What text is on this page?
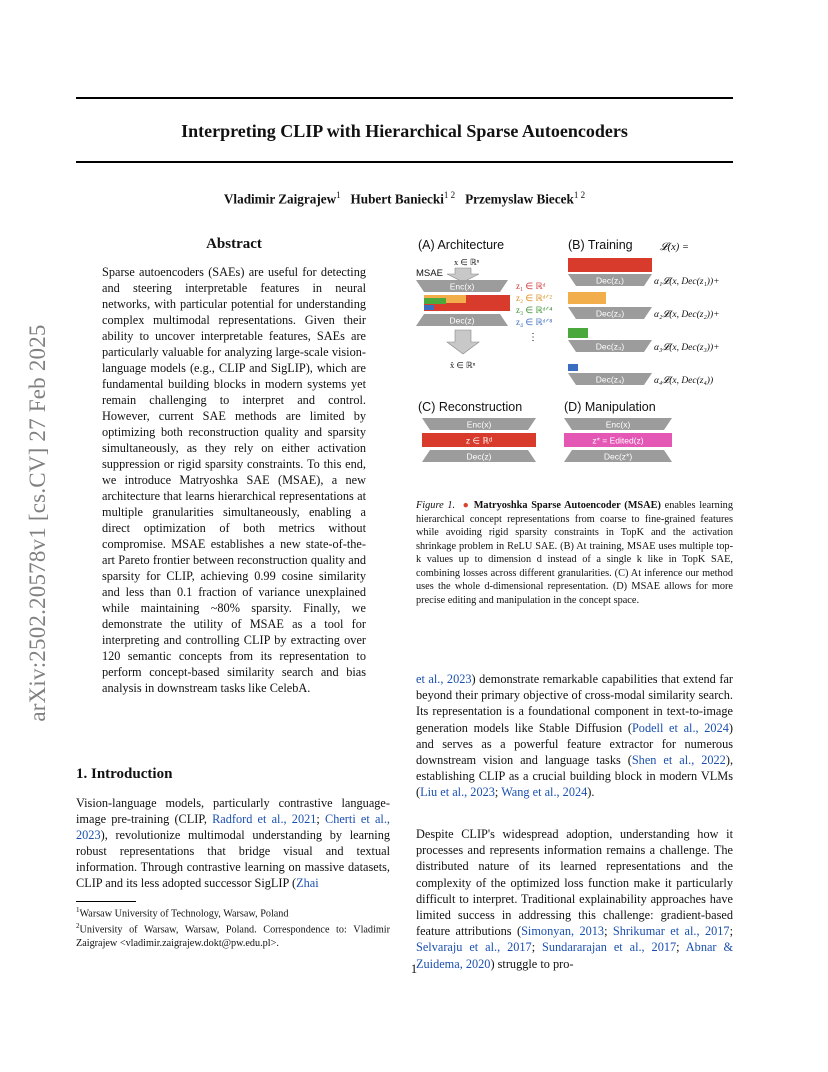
arXiv:2502.20578v1 [cs.CV] 27 Feb 2025
Interpreting CLIP with Hierarchical Sparse Autoencoders
Vladimir Zaigrajew$^1$ Hubert Baniecki$^{1 2}$ Przemyslaw Biecek$^{1 2}$
Abstract
Sparse autoencoders (SAEs) are useful for detecting and steering interpretable features in neural networks, with particular potential for understanding complex multimodal representations. Given their ability to uncover interpretable features, SAEs are particularly valuable for analyzing large-scale vision-language models (e.g., CLIP and SigLIP), which are fundamental building blocks in modern systems yet remain challenging to interpret and control. However, current SAE methods are limited by optimizing both reconstruction quality and sparsity simultaneously, as they rely on either activation suppression or rigid sparsity constraints. To this end, we introduce Matryoshka SAE (MSAE), a new architecture that learns hierarchical representations at multiple granularities simultaneously, enabling a direct optimization of both metrics without compromise. MSAE establishes a new state-of-the-art Pareto frontier between reconstruction quality and sparsity for CLIP, achieving 0.99 cosine similarity and less than 0.1 fraction of variance unexplained while maintaining ~80% sparsity. Finally, we demonstrate the utility of MSAE as a tool for interpreting and controlling CLIP by extracting over 120 semantic concepts from its representation to perform concept-based similarity search and bias analysis in downstream tasks like CelebA.
1. Introduction
Vision-language models, particularly contrastive language-image pre-training (CLIP, Radford et al., 2021; Cherti et al., 2023), revolutionize multimodal understanding by learning robust representations that bridge visual and textual information. Through contrastive learning on massive datasets, CLIP and its less adopted successor SigLIP (Zhai
$^1$Warsaw University of Technology, Warsaw, Poland
$^2$University of Warsaw, Warsaw, Poland. Correspondence to: Vladimir Zaigrajew <vladimir.zaigrajew.dokt@pw.edu.pl>.
(A) Architecture	(B) Training	𝓛(x) =
x ∈ ℝⁿ
MSAE
Enc(x)
Dec(z)
x̂ ∈ ℝⁿ
z₁ ∈ ℝᵈ
z₂ ∈ ℝᵈᐟ²
z₃ ∈ ℝᵈᐟ⁴
z₄ ∈ ℝᵈᐟ⁸
⋮
Dec(z₁)	α₁𝓛(x, Dec(z₁))+
Dec(z₂)	α₂𝓛(x, Dec(z₂))+
Dec(z₃)	α₃𝓛(x, Dec(z₃))+
Dec(z₄)	α₄𝓛(x, Dec(z₄))
(C) Reconstruction
Enc(x)
z ∈ ℝᵈ
Dec(z)
(D) Manipulation
Enc(x)
z* = Edited(z)
Dec(z*)
Figure 1. ● Matryoshka Sparse Autoencoder (MSAE) enables learning hierarchical concept representations from coarse to fine-grained features while avoiding rigid sparsity constraints in TopK and the activation shrinkage problem in ReLU SAE. (B) At training, MSAE uses multiple top-k values up to dimension d instead of a single k like in TopK SAE, combining losses across different granularities. (C) At inference our method uses the whole d-dimensional representation. (D) MSAE allows for more precise editing and manipulation in the concept space.
et al., 2023) demonstrate remarkable capabilities that extend far beyond their primary objective of cross-modal similarity search. Its representation is a foundational component in text-to-image generation models like Stable Diffusion (Podell et al., 2024) and serves as a powerful feature extractor for numerous downstream vision and language tasks (Shen et al., 2022), establishing CLIP as a crucial building block in modern VLMs (Liu et al., 2023; Wang et al., 2024).
Despite CLIP's widespread adoption, understanding how it processes and represents information remains a challenge. The distributed nature of its learned representations and the complexity of the optimized loss function make it particularly difficult to interpret. Traditional explainability approaches have limited success in addressing this challenge: gradient-based feature attributions (Simonyan, 2013; Shrikumar et al., 2017; Selvaraju et al., 2017; Sundararajan et al., 2017; Abnar & Zuidema, 2020) struggle to pro-
1
